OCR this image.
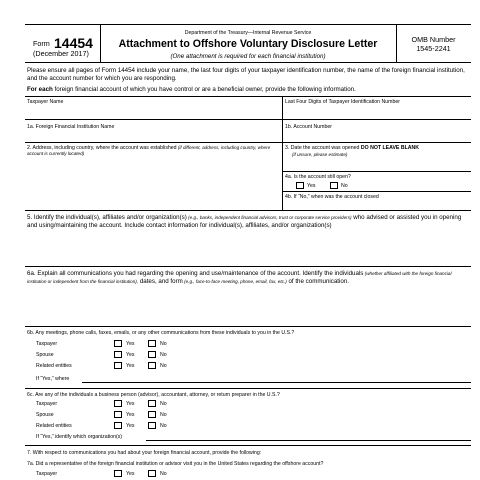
Form 14454
(December 2017)
Department of the Treasury—Internal Revenue Service
Attachment to Offshore Voluntary Disclosure Letter
(One attachment is required for each financial institution)
OMB Number
1545-2241
Please ensure all pages of Form 14454 include your name, the last four digits of your taxpayer identification number, the name of the foreign financial institution, and the account number for which you are responding.
For each foreign financial account of which you have control or are a beneficial owner, provide the following information.
Taxpayer Name	Last Four Digits of Taxpayer Identification Number
1a. Foreign Financial Institution Name	1b. Account Number
2. Address, including country, where the account was established (if different, address, including country, where account is currently located)
3. Date the account was opened DO NOT LEAVE BLANK
(if unsure, please estimate)
4a. Is the account still open?
Yes	No
4b. If “No,” when was the account closed
5. Identify the individual(s), affiliates and/or organization(s) (e.g., banks, independent financial advisors, trust or corporate service providers) who advised or assisted you in opening and using/maintaining the account. Include contact information for individual(s), affiliates, and/or organization(s)
6a. Explain all communications you had regarding the opening and use/maintenance of the account. Identify the individuals (whether affiliated with the foreign financial institution or independent from the financial institution), dates, and form (e.g., face-to-face meeting, phone, email, fax, etc.) of the communication.
6b. Any meetings, phone calls, faxes, emails, or any other communications from these individuals to you in the U.S.?
Taxpayer	Yes	No
Spouse	Yes	No
Related entities	Yes	No
If “Yes,” where
6c. Are any of the individuals a business person (advisor), accountant, attorney, or return preparer in the U.S.?
Taxpayer	Yes	No
Spouse	Yes	No
Related entities	Yes	No
If “Yes,” identify which organization(s)
7. With respect to communications you had about your foreign financial account, provide the following:
7a. Did a representative of the foreign financial institution or advisor visit you in the United States regarding the offshore account?
Taxpayer	Yes	No
